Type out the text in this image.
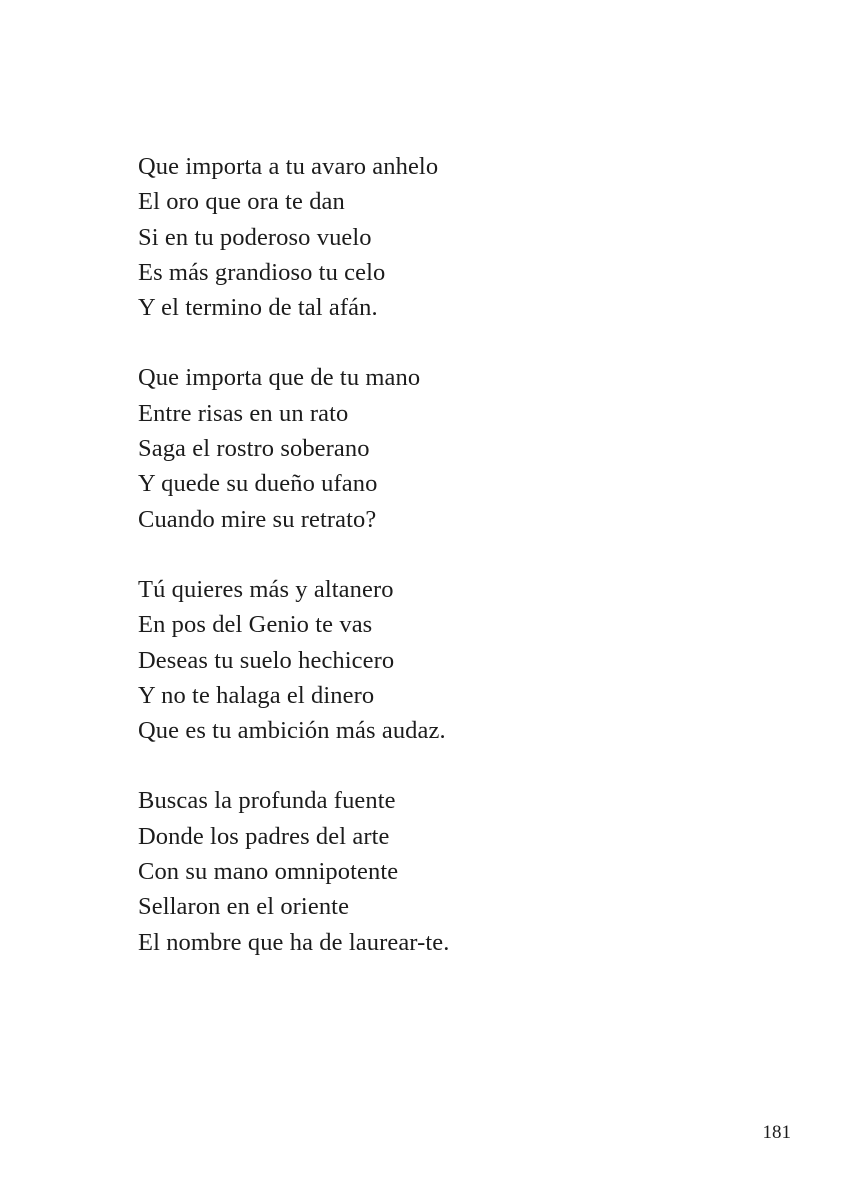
Que importa a tu avaro anhelo
El oro que ora te dan
Si en tu poderoso vuelo
Es más grandioso tu celo
Y el termino de tal afán.
Que importa que de tu mano
Entre risas en un rato
Saga el rostro soberano
Y quede su dueño ufano
Cuando mire su retrato?
Tú quieres más y altanero
En pos del Genio te vas
Deseas tu suelo hechicero
Y no te halaga el dinero
Que es tu ambición más audaz.
Buscas la profunda fuente
Donde los padres del arte
Con su mano omnipotente
Sellaron en el oriente
El nombre que ha de laurear-te.
181
